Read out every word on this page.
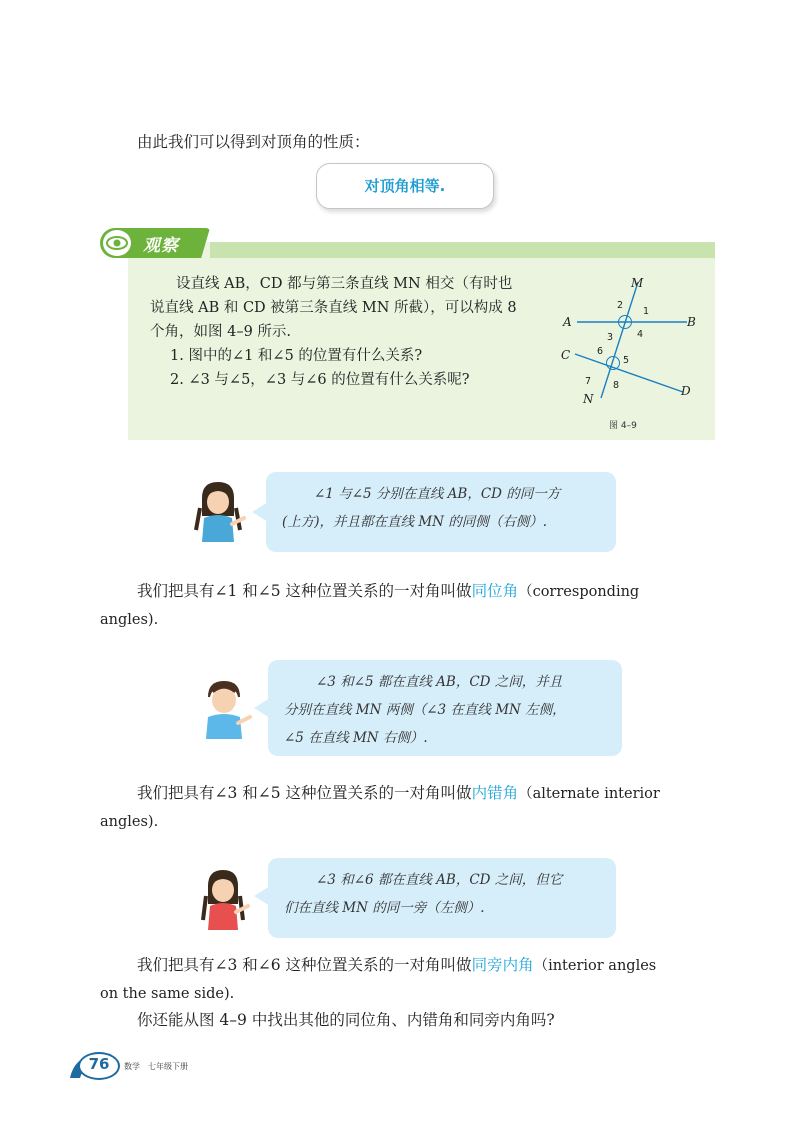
由此我们可以得到对顶角的性质：
对顶角相等.
观察
设直线 AB，CD 都与第三条直线 MN 相交（有时也
说直线 AB 和 CD 被第三条直线 MN 所截），可以构成 8
个角，如图 4–9 所示.
1. 图中的∠1 和∠5 的位置有什么关系?
2. ∠3 与∠5，∠3 与∠6 的位置有什么关系呢?
M
A	B
C
D
N
2
1
3	4
6
5
7 8
图 4–9
∠1 与∠5 分别在直线 AB，CD 的同一方
(上方)，并且都在直线 MN 的同侧（右侧）.
我们把具有∠1 和∠5 这种位置关系的一对角叫做同位角（corresponding
angles).
∠3 和∠5 都在直线 AB，CD 之间，并且
分别在直线 MN 两侧（∠3 在直线 MN 左侧，
∠5 在直线 MN 右侧）.
我们把具有∠3 和∠5 这种位置关系的一对角叫做内错角（alternate interior
angles).
∠3 和∠6 都在直线 AB，CD 之间，但它
们在直线 MN 的同一旁（左侧）.
我们把具有∠3 和∠6 这种位置关系的一对角叫做同旁内角（interior angles
on the same side).
你还能从图 4–9 中找出其他的同位角、内错角和同旁内角吗?
76	数学　七年级下册
